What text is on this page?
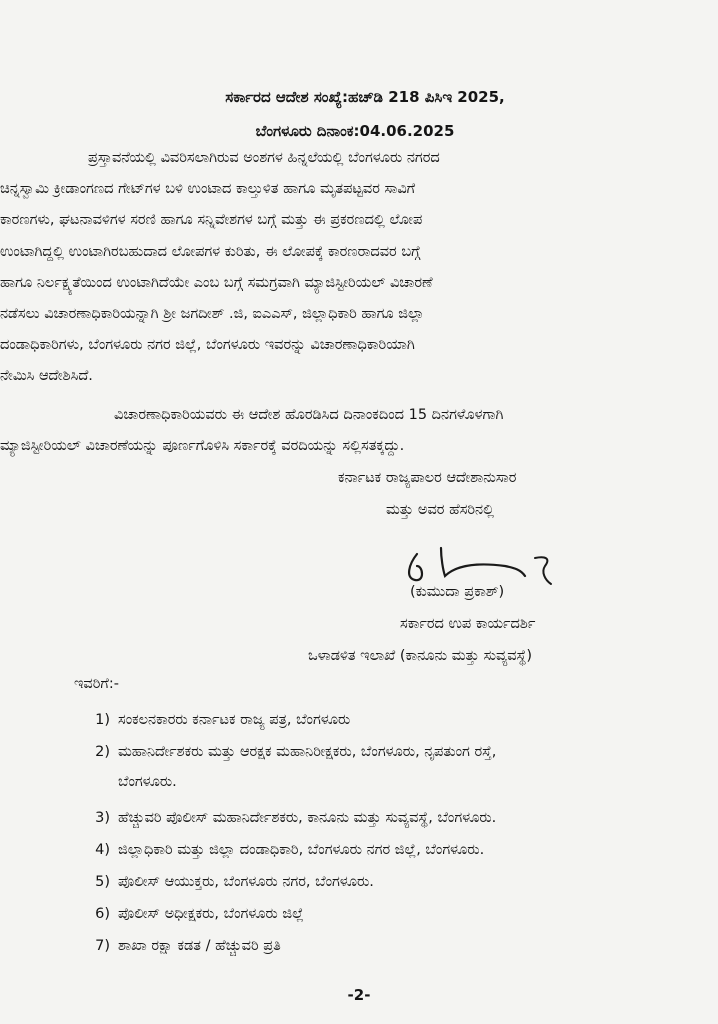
ಸರ್ಕಾರದ ಆದೇಶ ಸಂಖ್ಯೆ:ಹಚ್‌ಡಿ 218 ಪಿಸಿಇ 2025,
ಬೆಂಗಳೂರು ದಿನಾಂಕ:04.06.2025
ಪ್ರಸ್ತಾವನೆಯಲ್ಲಿ ವಿವರಿಸಲಾಗಿರುವ ಅಂಶಗಳ ಹಿನ್ನಲೆಯಲ್ಲಿ ಬೆಂಗಳೂರು ನಗರದ
ಚಿನ್ನಸ್ವಾಮಿ ಕ್ರೀಡಾಂಗಣದ ಗೇಟ್‌ಗಳ ಬಳಿ ಉಂಟಾದ ಕಾಲ್ತುಳಿತ ಹಾಗೂ ಮೃತಪಟ್ಟವರ ಸಾವಿಗೆ
ಕಾರಣಗಳು, ಘಟನಾವಳಿಗಳ ಸರಣಿ ಹಾಗೂ ಸನ್ನಿವೇಶಗಳ ಬಗ್ಗೆ ಮತ್ತು ಈ ಪ್ರಕರಣದಲ್ಲಿ ಲೋಪ
ಉಂಟಾಗಿದ್ದಲ್ಲಿ ಉಂಟಾಗಿರಬಹುದಾದ ಲೋಪಗಳ ಕುರಿತು, ಈ ಲೋಪಕ್ಕೆ ಕಾರಣರಾದವರ ಬಗ್ಗೆ
ಹಾಗೂ ನಿರ್ಲಕ್ಷ್ಯತೆಯಿಂದ ಉಂಟಾಗಿದೆಯೇ ಎಂಬ ಬಗ್ಗೆ ಸಮಗ್ರವಾಗಿ ಮ್ಯಾಜಿಸ್ಟೀರಿಯಲ್ ವಿಚಾರಣೆ
ನಡೆಸಲು ವಿಚಾರಣಾಧಿಕಾರಿಯನ್ನಾಗಿ ಶ್ರೀ ಜಗದೀಶ್ .ಜಿ, ಐಎಎಸ್, ಜಿಲ್ಲಾಧಿಕಾರಿ ಹಾಗೂ ಜಿಲ್ಲಾ
ದಂಡಾಧಿಕಾರಿಗಳು, ಬೆಂಗಳೂರು ನಗರ ಜಿಲ್ಲೆ, ಬೆಂಗಳೂರು ಇವರನ್ನು ವಿಚಾರಣಾಧಿಕಾರಿಯಾಗಿ
ನೇಮಿಸಿ ಆದೇಶಿಸಿದೆ.
ವಿಚಾರಣಾಧಿಕಾರಿಯವರು ಈ ಆದೇಶ ಹೊರಡಿಸಿದ ದಿನಾಂಕದಿಂದ 15 ದಿನಗಳೊಳಗಾಗಿ
ಮ್ಯಾಜಿಸ್ಟೀರಿಯಲ್ ವಿಚಾರಣೆಯನ್ನು ಪೂರ್ಣಗೊಳಿಸಿ ಸರ್ಕಾರಕ್ಕೆ ವರದಿಯನ್ನು ಸಲ್ಲಿಸತಕ್ಕದ್ದು.
ಕರ್ನಾಟಕ ರಾಜ್ಯಪಾಲರ ಆದೇಶಾನುಸಾರ
ಮತ್ತು ಅವರ ಹೆಸರಿನಲ್ಲಿ
(ಕುಮುದಾ ಪ್ರಕಾಶ್)
ಸರ್ಕಾರದ ಉಪ ಕಾರ್ಯದರ್ಶಿ
ಒಳಾಡಳಿತ ಇಲಾಖೆ (ಕಾನೂನು ಮತ್ತು ಸುವ್ಯವಸ್ಥೆ)
ಇವರಿಗೆ:-
1) ಸಂಕಲನಕಾರರು ಕರ್ನಾಟಕ ರಾಜ್ಯ ಪತ್ರ, ಬೆಂಗಳೂರು
2) ಮಹಾನಿರ್ದೇಶಕರು ಮತ್ತು ಆರಕ್ಷಕ ಮಹಾನಿರೀಕ್ಷಕರು, ಬೆಂಗಳೂರು, ನೃಪತುಂಗ ರಸ್ತೆ,
ಬೆಂಗಳೂರು.
3) ಹೆಚ್ಚುವರಿ ಪೊಲೀಸ್ ಮಹಾನಿರ್ದೇಶಕರು, ಕಾನೂನು ಮತ್ತು ಸುವ್ಯವಸ್ಥೆ, ಬೆಂಗಳೂರು.
4) ಜಿಲ್ಲಾಧಿಕಾರಿ ಮತ್ತು ಜಿಲ್ಲಾ ದಂಡಾಧಿಕಾರಿ, ಬೆಂಗಳೂರು ನಗರ ಜಿಲ್ಲೆ, ಬೆಂಗಳೂರು.
5) ಪೊಲೀಸ್ ಆಯುಕ್ತರು, ಬೆಂಗಳೂರು ನಗರ, ಬೆಂಗಳೂರು.
6) ಪೊಲೀಸ್ ಅಧೀಕ್ಷಕರು, ಬೆಂಗಳೂರು ಜಿಲ್ಲೆ
7) ಶಾಖಾ ರಕ್ಷಾ ಕಡತ / ಹೆಚ್ಚುವರಿ ಪ್ರತಿ
-2-
